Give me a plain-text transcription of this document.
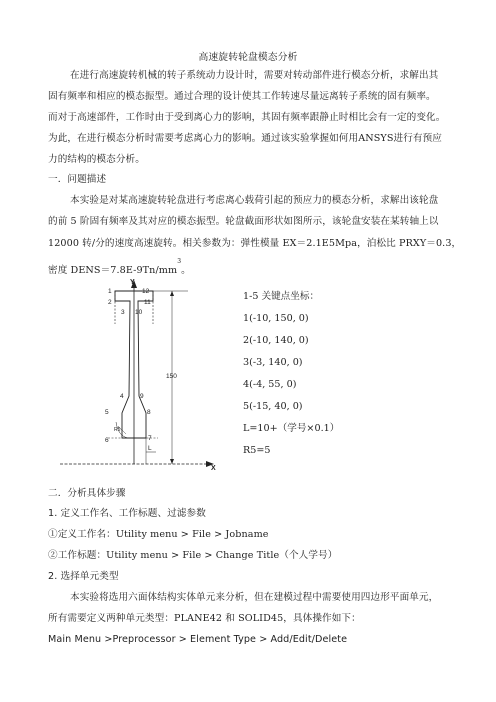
高速旋转轮盘模态分析
在进行高速旋转机械的转子系统动力设计时，需要对转动部件进行模态分析，求解出其
固有频率和相应的模态振型。通过合理的设计使其工作转速尽量远离转子系统的固有频率。
而对于高速部件，工作时由于受到离心力的影响，其固有频率跟静止时相比会有一定的变化。
为此，在进行模态分析时需要考虑离心力的影响。通过该实验掌握如何用ANSYS进行有预应
力的结构的模态分析。
一．问题描述
本实验是对某高速旋转轮盘进行考虑离心载荷引起的预应力的模态分析，求解出该轮盘
的前 5 阶固有频率及其对应的模态振型。轮盘截面形状如图所示，该轮盘安装在某转轴上以
12000 转/分的速度高速旋转。相关参数为：弹性模量 EX＝2.1E5Mpa，泊松比 PRXY＝0.3，
密度 $DENS=7.8E-9Tn/mm^3$。
Y
X
150
1	12
2	11
3 10
4	9
5	8
6	7
R5
L
1-5 关键点坐标：
1(-10, 150, 0)
2(-10, 140, 0)
3(-3, 140, 0)
4(-4, 55, 0)
5(-15, 40, 0)
L=10+（学号×0.1）
R5=5
二．分析具体步骤
1. 定义工作名、工作标题、过滤参数
①定义工作名：Utility menu > File > Jobname
②工作标题：Utility menu > File > Change Title（个人学号）
2. 选择单元类型
本实验将选用六面体结构实体单元来分析，但在建模过程中需要使用四边形平面单元，
所有需要定义两种单元类型：PLANE42 和 SOLID45，具体操作如下：
Main Menu >Preprocessor > Element Type > Add/Edit/Delete
